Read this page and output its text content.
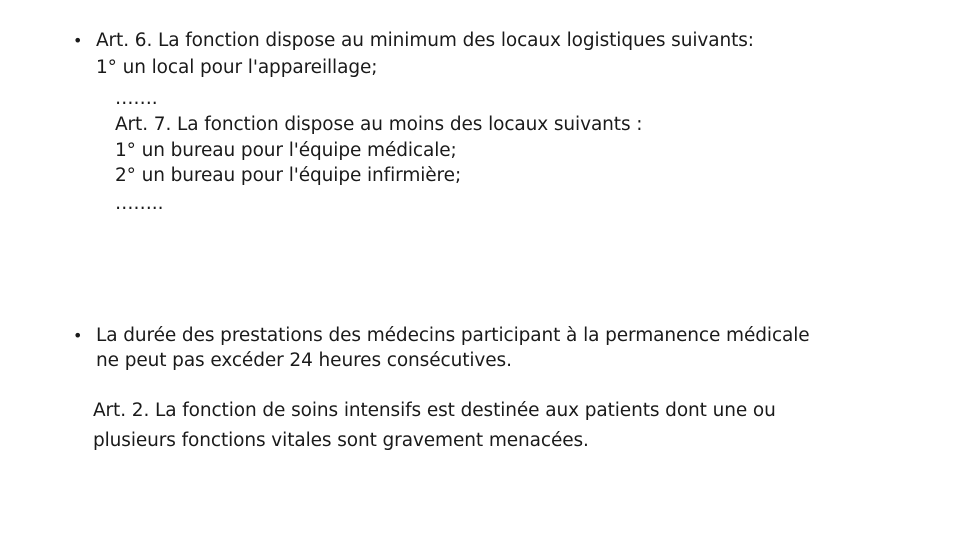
• Art. 6. La fonction dispose au minimum des locaux logistiques suivants:
1° un local pour l'appareillage;
…….
Art. 7. La fonction dispose au moins des locaux suivants :
1° un bureau pour l'équipe médicale;
2° un bureau pour l'équipe infirmière;
……..
• La durée des prestations des médecins participant à la permanence médicale
ne peut pas excéder 24 heures consécutives.
Art. 2. La fonction de soins intensifs est destinée aux patients dont une ou
plusieurs fonctions vitales sont gravement menacées.
